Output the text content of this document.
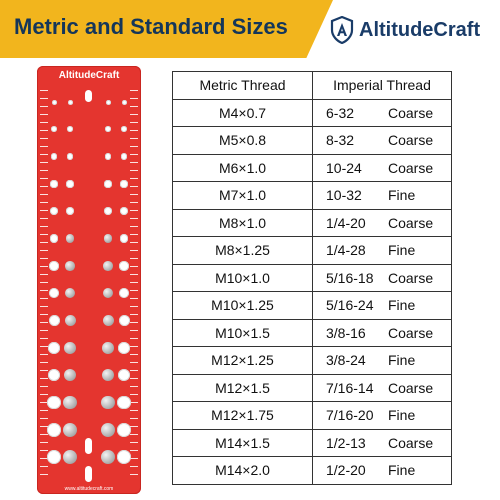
Metric and Standard Sizes	AltitudeCraft
AltitudeCraft
www.altitudecraft.com
Metric Thread	Imperial Thread
M4×0.7	6-32 Coarse

M5×0.8	8-32 Coarse

M6×1.0	10-24 Coarse

M7×1.0	10-32 Fine

M8×1.0	1/4-20 Coarse

M8×1.25	1/4-28 Fine

M10×1.0	5/16-18 Coarse

M10×1.25	5/16-24 Fine

M10×1.5	3/8-16 Coarse

M12×1.25	3/8-24 Fine

M12×1.5	7/16-14 Coarse

M12×1.75	7/16-20 Fine

M14×1.5	1/2-13 Coarse

M14×2.0	1/2-20 Fine
